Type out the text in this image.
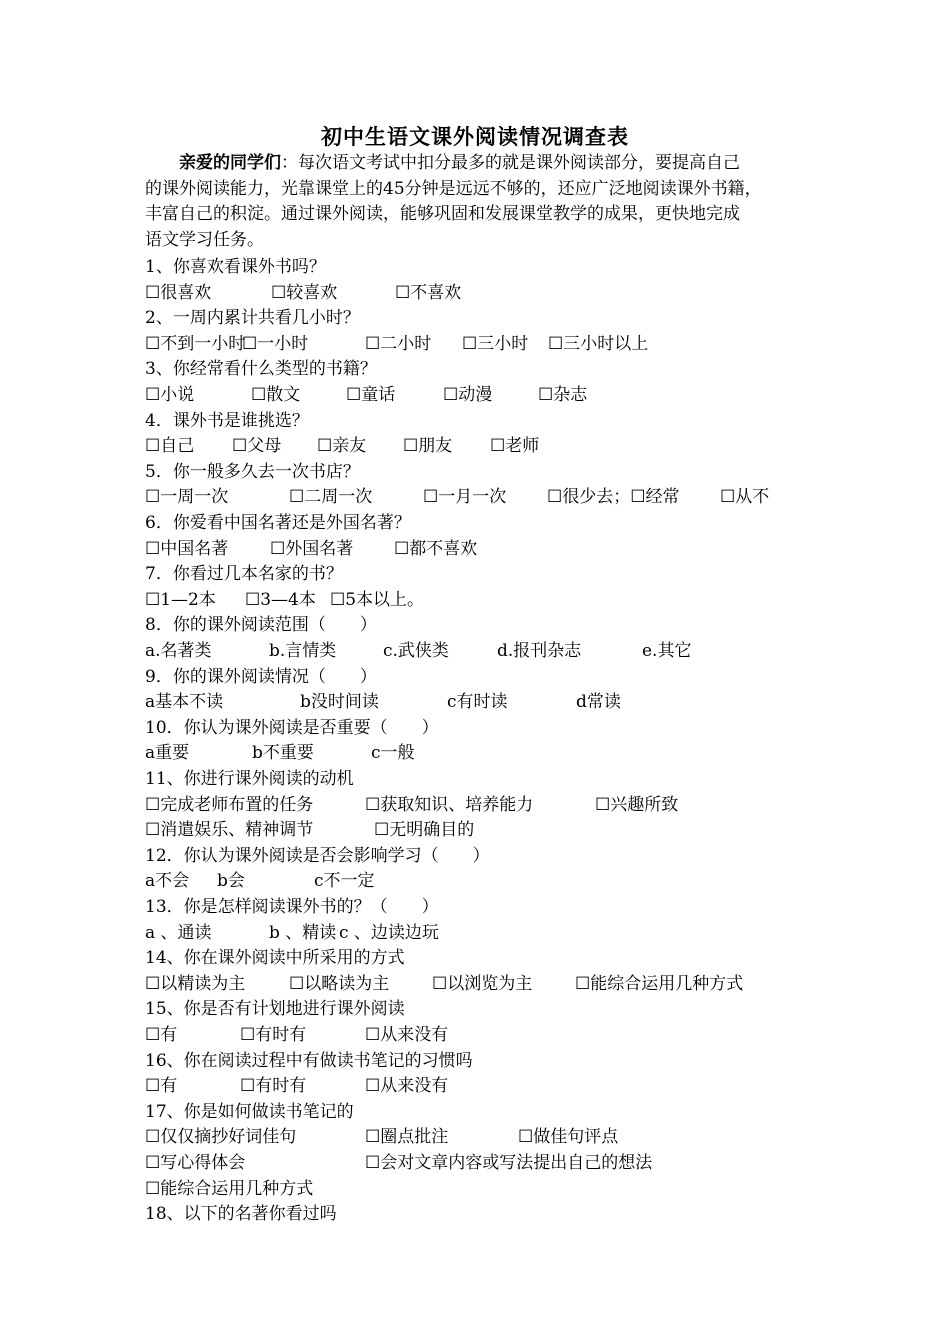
初中生语文课外阅读情况调查表

亲爱的同学们：每次语文考试中扣分最多的就是课外阅读部分，要提高自己

的课外阅读能力，光靠课堂上的45分钟是远远不够的，还应广泛地阅读课外书籍，

丰富自己的积淀。通过课外阅读，能够巩固和发展课堂教学的成果，更快地完成

语文学习任务。

1、你喜欢看课外书吗？
☐很喜欢	☐较喜欢	☐不喜欢
2、一周内累计共看几小时？
☐不到一小时
☐一小时	☐二小时 ☐三小时 ☐三小时以上
3、你经常看什么类型的书籍？
☐小说	☐散文	☐童话	☐动漫	☐杂志
4．课外书是谁挑选？
☐自己 ☐父母 ☐亲友 ☐朋友 ☐老师
5．你一般多久去一次书店？
☐一周一次	☐二周一次	☐一月一次 ☐很少去；☐经常 ☐从不
6．你爱看中国名著还是外国名著？
☐中国名著 ☐外国名著 ☐都不喜欢
7．你看过几本名家的书？
☐1—2本 ☐3—4本 ☐5本以上。
8．你的课外阅读范围（　　）
a.名著类	b.言情类	c.武侠类	d.报刊杂志	e.其它
9．你的课外阅读情况（　　）
a基本不读	b没时间读	c有时读	d常读
10．你认为课外阅读是否重要（　　）
a重要	b不重要	c一般
11、你进行课外阅读的动机
☐完成老师布置的任务	☐获取知识、培养能力	☐兴趣所致
☐消遣娱乐、精神调节	☐无明确目的
12．你认为课外阅读是否会影响学习（　　）
a不会 b会	c不一定
13．你是怎样阅读课外书的？（　　）
a 、通读	b 、精读 c 、边读边玩
14、你在课外阅读中所采用的方式
☐以精读为主	☐以略读为主	☐以浏览为主	☐能综合运用几种方式
15、你是否有计划地进行课外阅读
☐有	☐有时有	☐从来没有
16、你在阅读过程中有做读书笔记的习惯吗
☐有	☐有时有	☐从来没有
17、你是如何做读书笔记的
☐仅仅摘抄好词佳句	☐圈点批注	☐做佳句评点
☐写心得体会	☐会对文章内容或写法提出自己的想法
☐能综合运用几种方式
18、以下的名著你看过吗
